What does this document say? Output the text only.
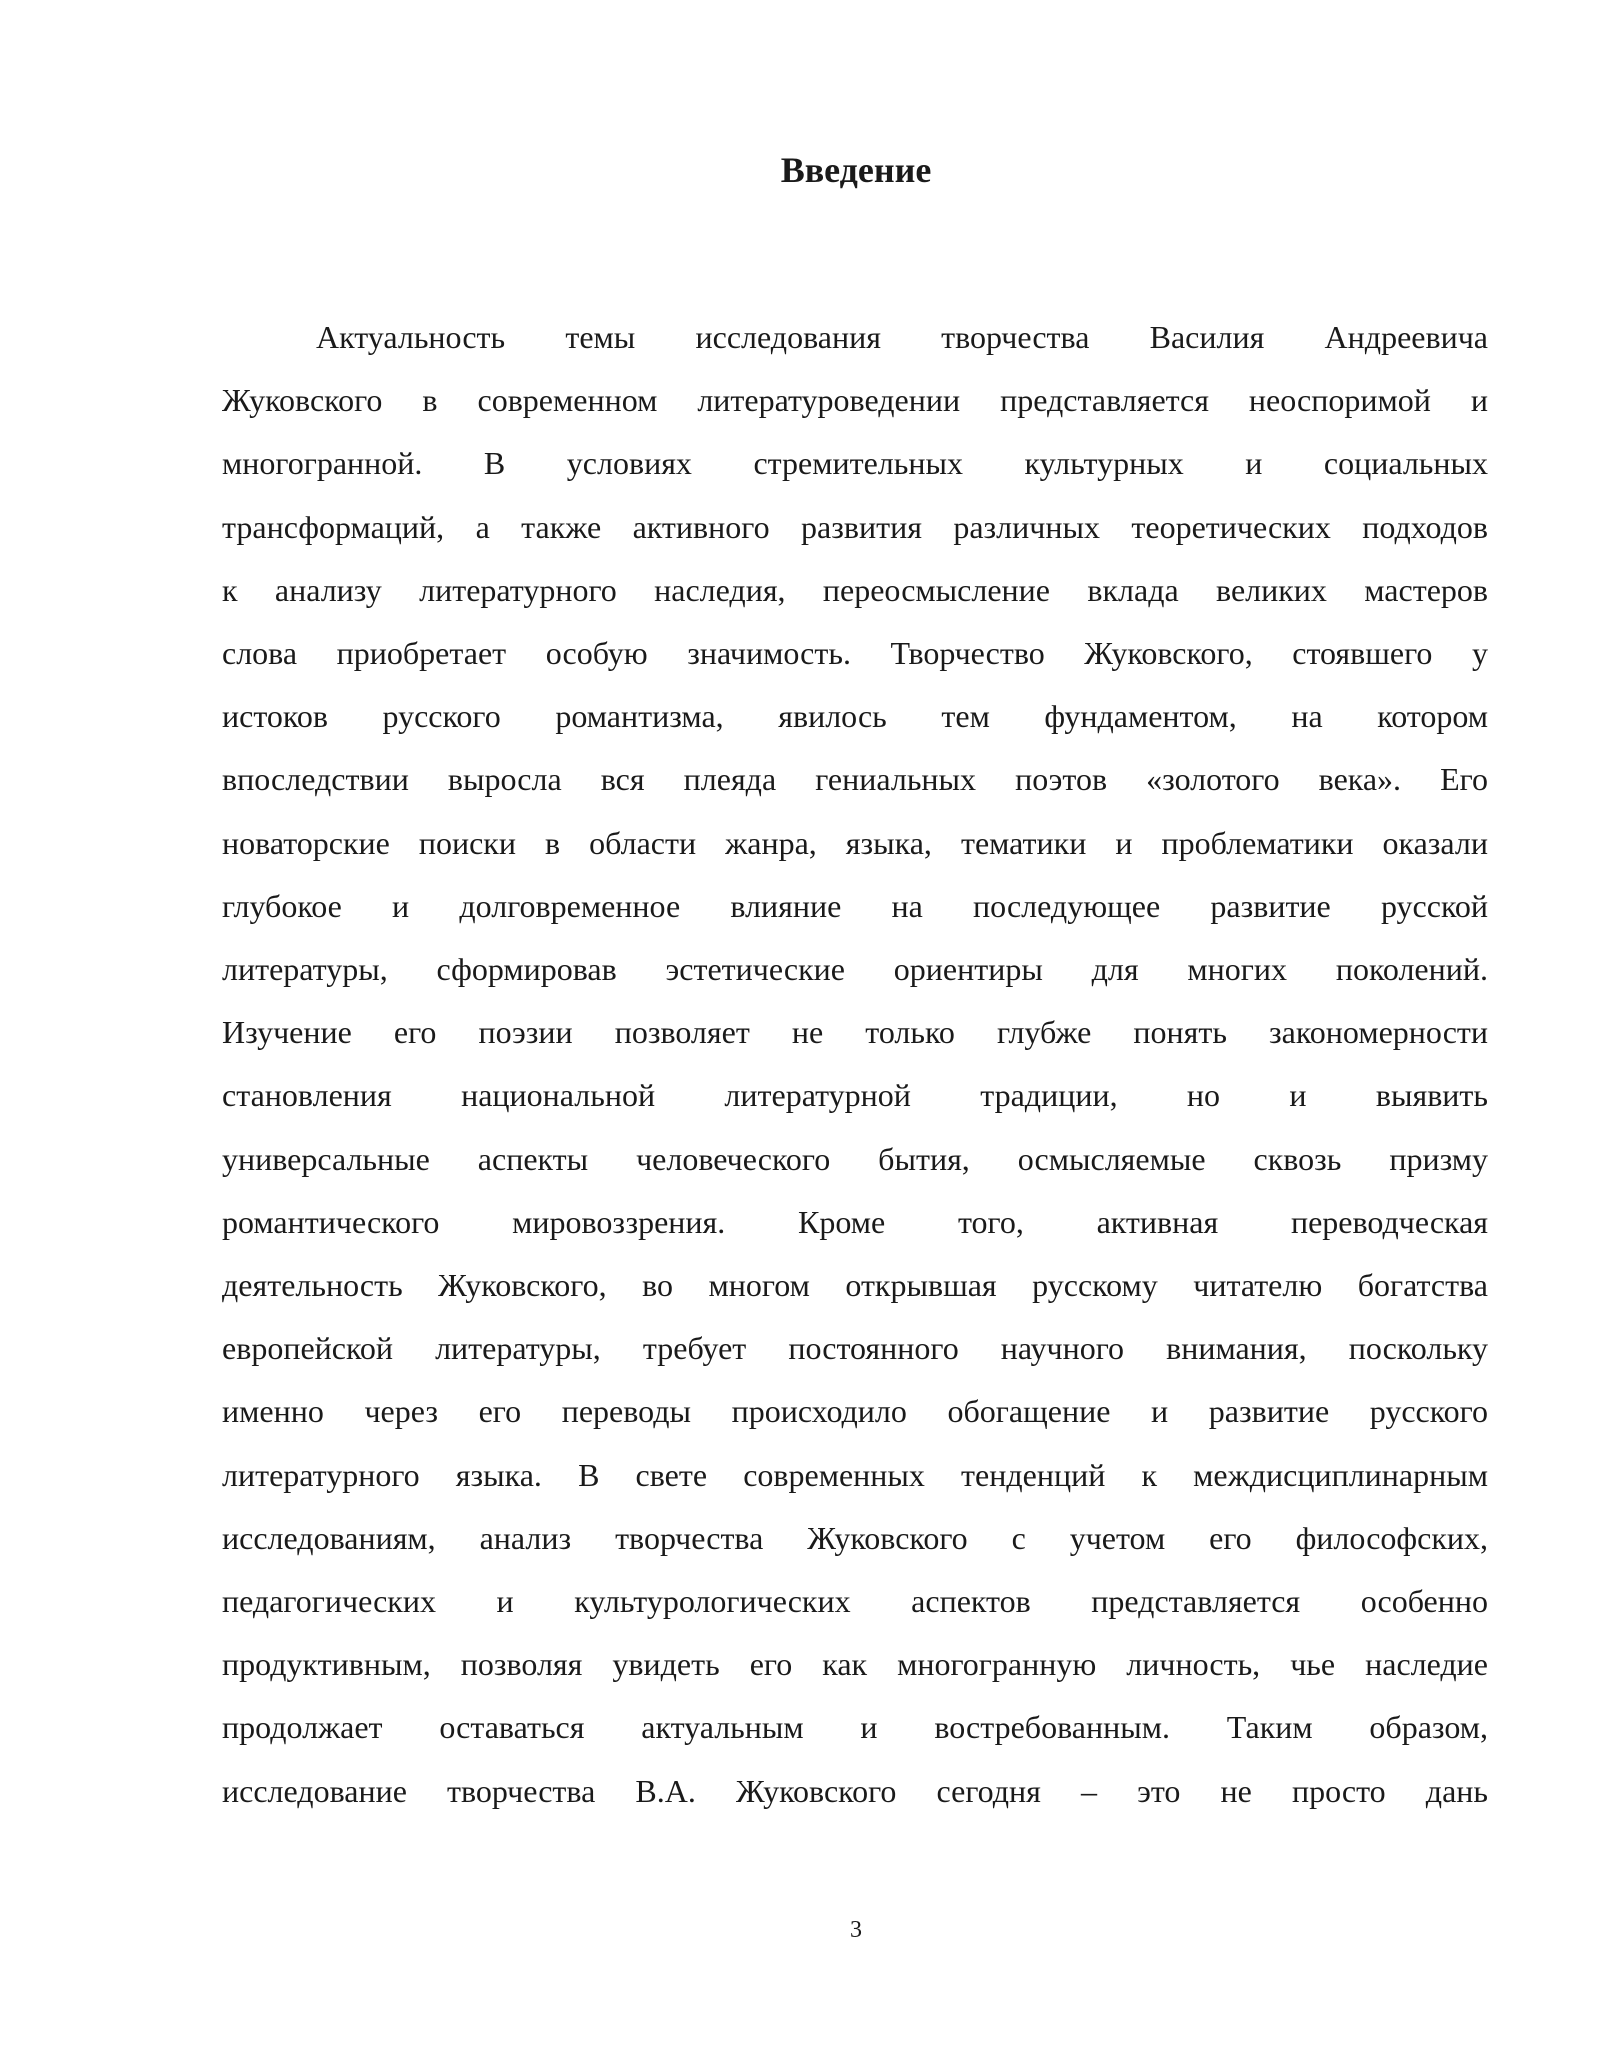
Введение
Актуальность темы исследования творчества Василия Андреевича
Жуковского в современном литературоведении представляется неоспоримой и
многогранной. В условиях стремительных культурных и социальных
трансформаций, а также активного развития различных теоретических подходов
к анализу литературного наследия, переосмысление вклада великих мастеров
слова приобретает особую значимость. Творчество Жуковского, стоявшего у
истоков русского романтизма, явилось тем фундаментом, на котором
впоследствии выросла вся плеяда гениальных поэтов «золотого века». Его
новаторские поиски в области жанра, языка, тематики и проблематики оказали
глубокое и долговременное влияние на последующее развитие русской
литературы, сформировав эстетические ориентиры для многих поколений.
Изучение его поэзии позволяет не только глубже понять закономерности
становления национальной литературной традиции, но и выявить
универсальные аспекты человеческого бытия, осмысляемые сквозь призму
романтического мировоззрения. Кроме того, активная переводческая
деятельность Жуковского, во многом открывшая русскому читателю богатства
европейской литературы, требует постоянного научного внимания, поскольку
именно через его переводы происходило обогащение и развитие русского
литературного языка. В свете современных тенденций к междисциплинарным
исследованиям, анализ творчества Жуковского с учетом его философских,
педагогических и культурологических аспектов представляется особенно
продуктивным, позволяя увидеть его как многогранную личность, чье наследие
продолжает оставаться актуальным и востребованным. Таким образом,
исследование творчества В.А. Жуковского сегодня – это не просто дань
3
